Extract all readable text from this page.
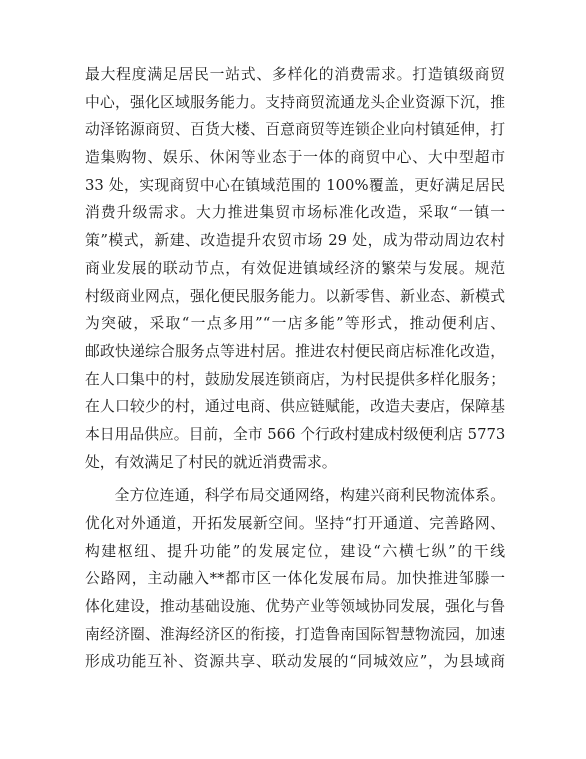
最大程度满足居民一站式、多样化的消费需求。打造镇级商贸
中心，强化区域服务能力。支持商贸流通龙头企业资源下沉，推
动泽铭源商贸、百货大楼、百意商贸等连锁企业向村镇延伸，打
造集购物、娱乐、休闲等业态于一体的商贸中心、大中型超市
33 处，实现商贸中心在镇域范围的 100%覆盖，更好满足居民
消费升级需求。大力推进集贸市场标准化改造，采取“一镇一
策”模式，新建、改造提升农贸市场 29 处，成为带动周边农村
商业发展的联动节点，有效促进镇域经济的繁荣与发展。规范
村级商业网点，强化便民服务能力。以新零售、新业态、新模式
为突破，采取“一点多用”“一店多能”等形式，推动便利店、
邮政快递综合服务点等进村居。推进农村便民商店标准化改造，
在人口集中的村，鼓励发展连锁商店，为村民提供多样化服务；
在人口较少的村，通过电商、供应链赋能，改造夫妻店，保障基
本日用品供应。目前，全市 566 个行政村建成村级便利店 5773
处，有效满足了村民的就近消费需求。
全方位连通，科学布局交通网络，构建兴商利民物流体系。
优化对外通道，开拓发展新空间。坚持“打开通道、完善路网、
构建枢纽、提升功能”的发展定位，建设“六横七纵”的干线
公路网，主动融入**都市区一体化发展布局。加快推进邹滕一
体化建设，推动基础设施、优势产业等领域协同发展，强化与鲁
南经济圈、淮海经济区的衔接，打造鲁南国际智慧物流园，加速
形成功能互补、资源共享、联动发展的“同城效应”，为县域商
